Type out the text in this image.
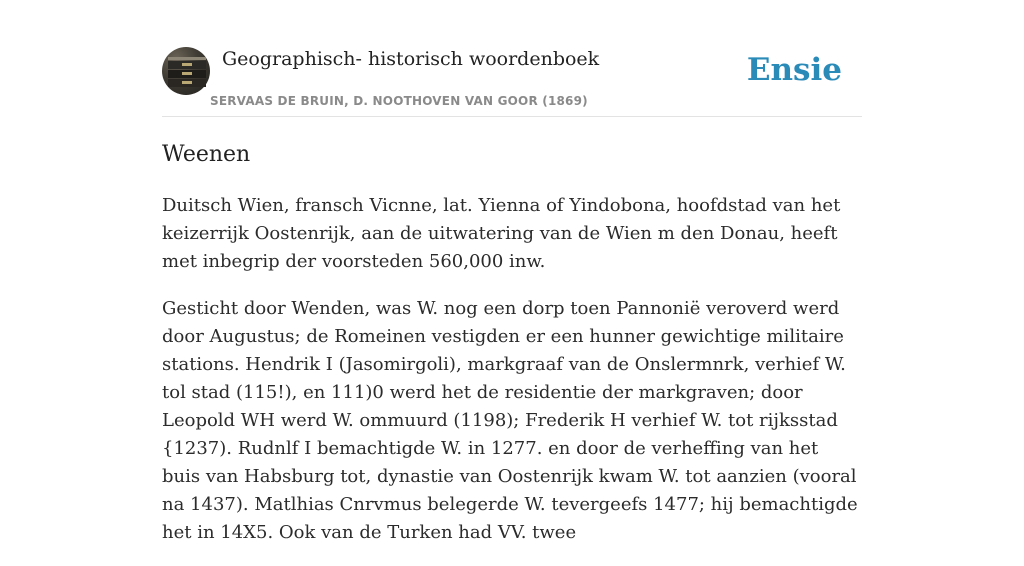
Geographisch- historisch woordenboek
SERVAAS DE BRUIN, D. NOOTHOVEN VAN GOOR (1869)
Ensie
Weenen

Duitsch Wien, fransch Vicnne, lat. Yienna of Yindobona, hoofdstad van het keizerrijk Oostenrijk, aan de uitwatering van de Wien m den Donau, heeft met inbegrip der voorsteden 560,000 inw.

Gesticht door Wenden, was W. nog een dorp toen Pannonië veroverd werd door Augustus; de Romeinen vestigden er een hunner gewichtige militaire stations. Hendrik I (Jasomirgoli), markgraaf van de Onslermnrk, verhief W. tol stad (115!), en 111)0 werd het de residentie der markgraven; door Leopold WH werd W. ommuurd (1198); Frederik H verhief W. tot rijksstad {1237). Rudnlf I bemachtigde W. in 1277. en door de verheffing van het buis van Habsburg tot, dynastie van Oostenrijk kwam W. tot aanzien (vooral na 1437). Matlhias Cnrvmus belegerde W. tevergeefs 1477; hij bemachtigde het in 14X5. Ook van de Turken had VV. twee
